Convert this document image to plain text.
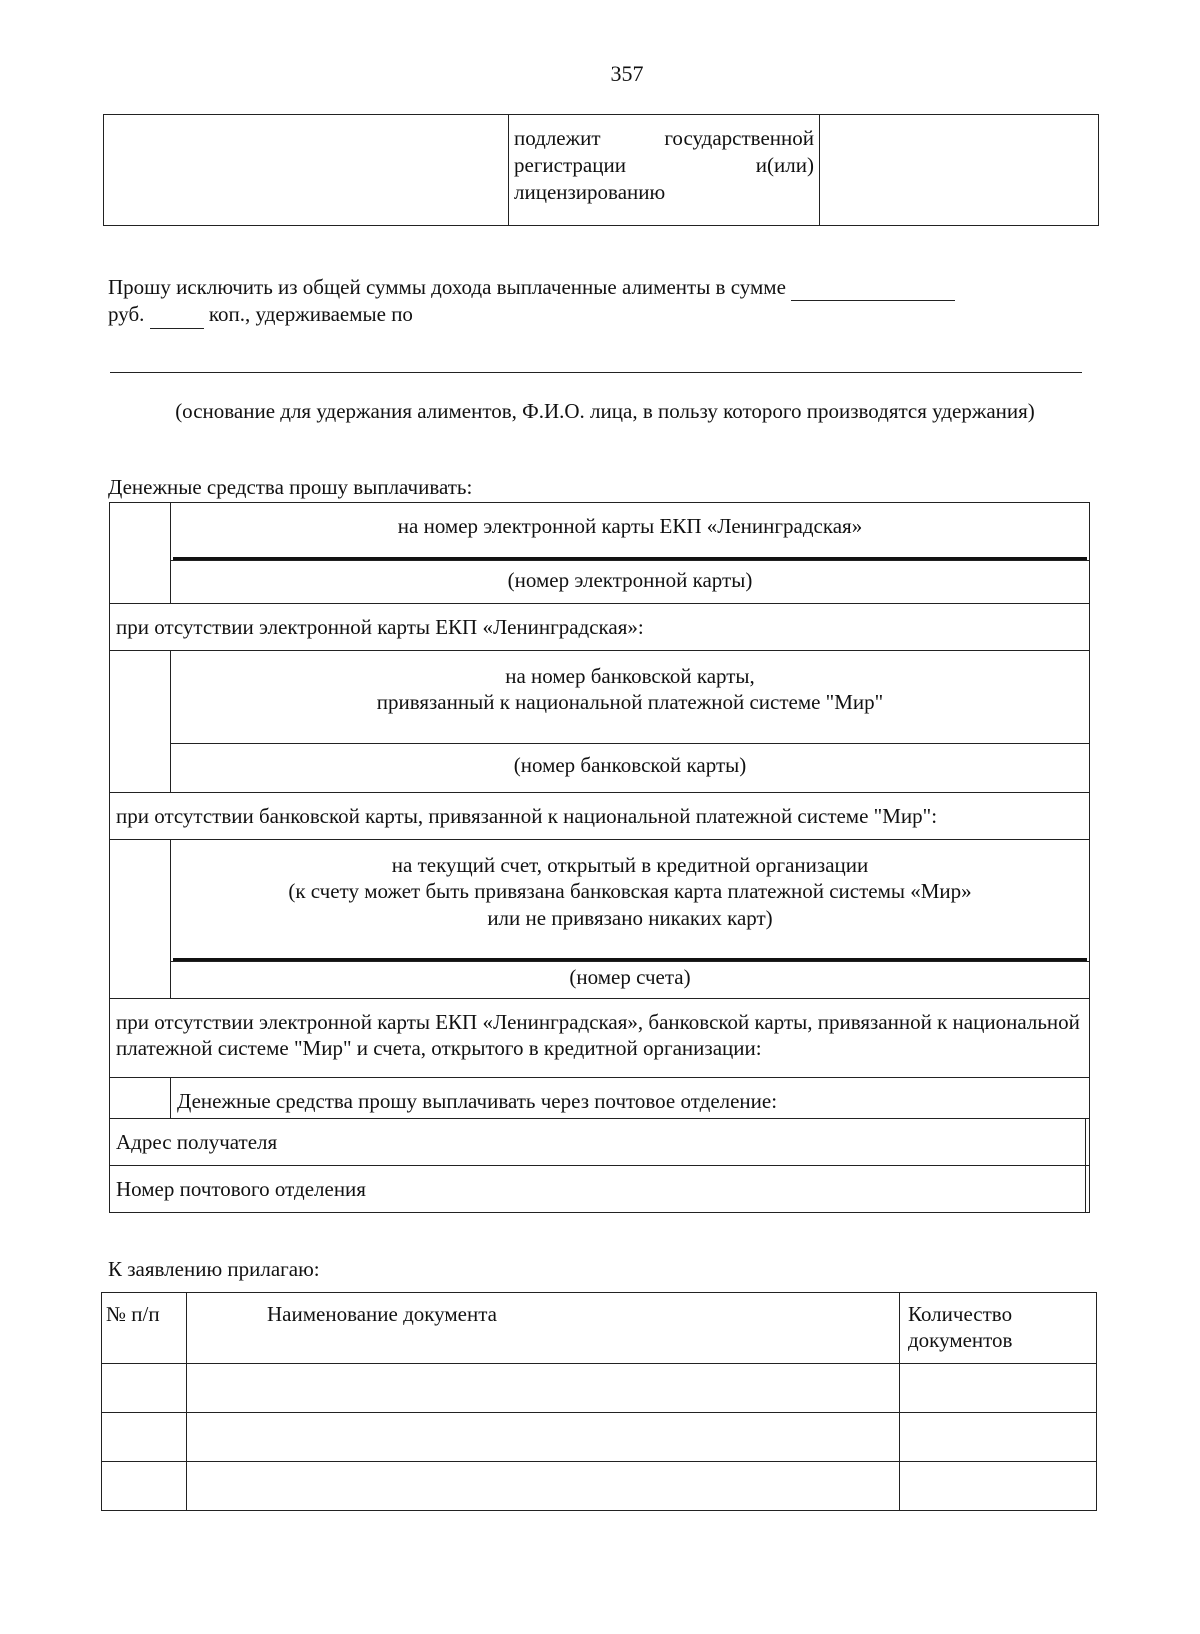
357

подлежит государственной
регистрации и(или)
лицензированию

Прошу исключить из общей суммы дохода выплаченные алименты в сумме
руб.	коп., удерживаемые по
(основание для удержания алиментов, Ф.И.О. лица, в пользу которого производятся удержания)
Денежные средства прошу выплачивать:

	на номер электронной карты ЕКП «Ленинградская»	

	(номер электронной карты)	
при отсутствии электронной карты ЕКП «Ленинградская»:		

	на номер банковской карты,
привязанный к национальной платежной системе "Мир"	

	(номер банковской карты)	
при отсутствии банковской карты, привязанной к национальной платежной системе "Мир":		

	на текущий счет, открытый в кредитной организации
(к счету может быть привязана банковская карта платежной системы «Мир»
или не привязано никаких карт)	

	(номер счета)	
при отсутствии электронной карты ЕКП «Ленинградская», банковской карты, привязанной к национальной платежной системе "Мир" и счета, открытого в кредитной организации:		
	Денежные средства прошу выплачивать через почтовое отделение:	
Адрес получателя		
Номер почтового отделения		
К заявлению прилагаю:
№ п/п	Наименование документа	Количество
документов
